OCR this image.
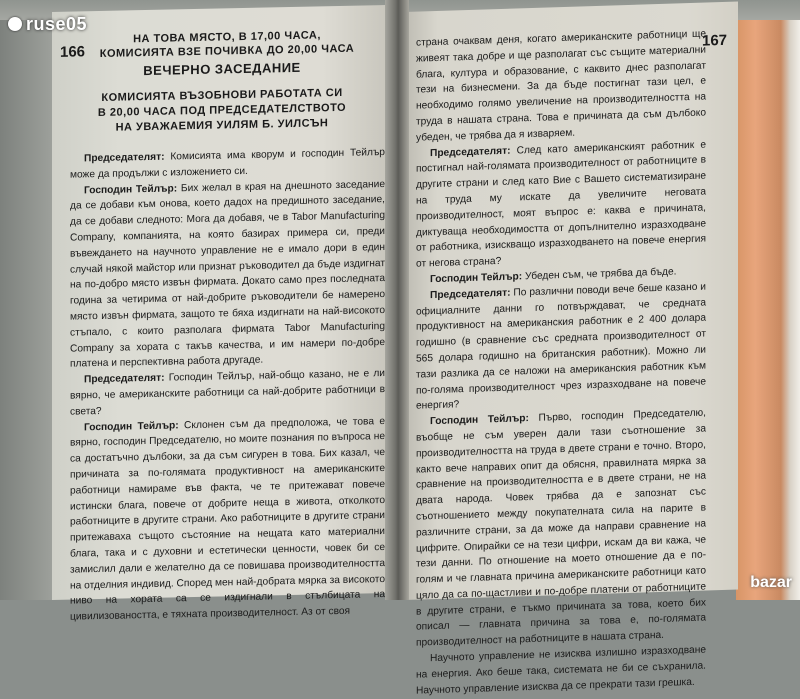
166
НА ТОВА МЯСТО, В 17,00 ЧАСА,
КОМИСИЯТА ВЗЕ ПОЧИВКА ДО 20,00 ЧАСА
ВЕЧЕРНО ЗАСЕДАНИЕ
КОМИСИЯТА ВЪЗОБНОВИ РАБОТАТА СИ
В 20,00 ЧАСА ПОД ПРЕДСЕДАТЕЛСТВОТО
НА УВАЖАЕМИЯ УИЛЯМ Б. УИЛСЪН

Председателят: Комисията има кворум и господин Тейлър може да продължи с изложението си.

Господин Тейлър: Бих желал в края на днешното заседание да се добави към онова, което дадох на предишното заседание, да се добави следното: Мога да добавя, че в Tabor Manufacturing Company, компанията, на която базирах примера си, преди въвеждането на научното управление не е имало дори в един случай някой майстор или признат ръководител да бъде издигнат на по-добро място извън фирмата. Докато само през последната година за четирима от най-добрите ръководители бе намерено място извън фирмата, защото те бяха издигнати на най-високото стъпало, с които разполага фирмата Tabor Manufacturing Company за хората с такъв качества, и им намери по-добре платена и перспективна работа другаде.

Председателят: Господин Тейлър, най-общо казано, не е ли вярно, че американските работници са най-добрите работници в света?

Господин Тейлър: Склонен съм да предположа, че това е вярно, господин Председателю, но моите познания по въпроса не са достатъчно дълбоки, за да съм сигурен в това. Бих казал, че причината за по-голямата продуктивност на американските работници намираме във факта, че те притежават повече истински блага, повече от добрите неща в живота, отколкото работниците в другите страни. Ако работниците в другите страни притежаваха същото състояние на нещата като материални блага, така и с духовни и естетически ценности, човек би се замислил дали е желателно да се повишава производителността на отделния индивид. Според мен най-добрата мярка за високото ниво на хората са се издигнали в стълбицата на цивилизоваността, е тяхната производителност. Аз от своя

167

страна очаквам деня, когато американските работници ще живеят така добре и ще разполагат със същите материални блага, култура и образование, с каквито днес разполагат тези на бизнесмени. За да бъде постигнат тази цел, е необходимо голямо увеличение на производителността на труда в нашата страна. Това е причината да съм дълбоко убеден, че трябва да я изваряем.

Председателят: След като американският работник е постигнал най-голямата производителност от работниците в другите страни и след като Вие с Вашето систематизиране на труда му искате да увеличите неговата производителност, моят въпрос е: каква е причината, диктуваща необходимостта от допълнително изразходване от работника, изискващо изразходването на повече енергия от негова страна?

Господин Тейлър: Убеден съм, че трябва да бъде.

Председателят: По различни поводи вече беше казано и официалните данни го потвърждават, че средната продуктивност на американския работник е 2 400 долара годишно (в сравнение със средната производителност от 565 долара годишно на британския работник). Можно ли тази разлика да се наложи на американския работник към по-голяма производителност чрез изразходване на повече енергия?

Господин Тейлър: Първо, господин Председателю, въобще не съм уверен дали тази съотношение за производителността на труда в двете страни е точно. Второ, както вече направих опит да обясня, правилната мярка за сравнение на производителността е в двете страни, не на двата народа. Човек трябва да е запознат със съотношението между покупателната сила на парите в различните страни, за да може да направи сравнение на цифрите. Опирайки се на тези цифри, искам да ви кажа, че тези данни. По отношение на моето отношение да е по-голям и че главната причина американските работници като цяло да са по-щастливи и по-добре платени от работниците в другите страни, е тъкмо причината за това, което бих описал — главната причина за това е, по-голямата производителност на работниците в нашата страна.

Научното управление не изисква излишно изразходване на енергия. Ако беше така, системата не би се съхранила. Научното управление изисква да се прекрати тази грешка.

ruse05
bazar
